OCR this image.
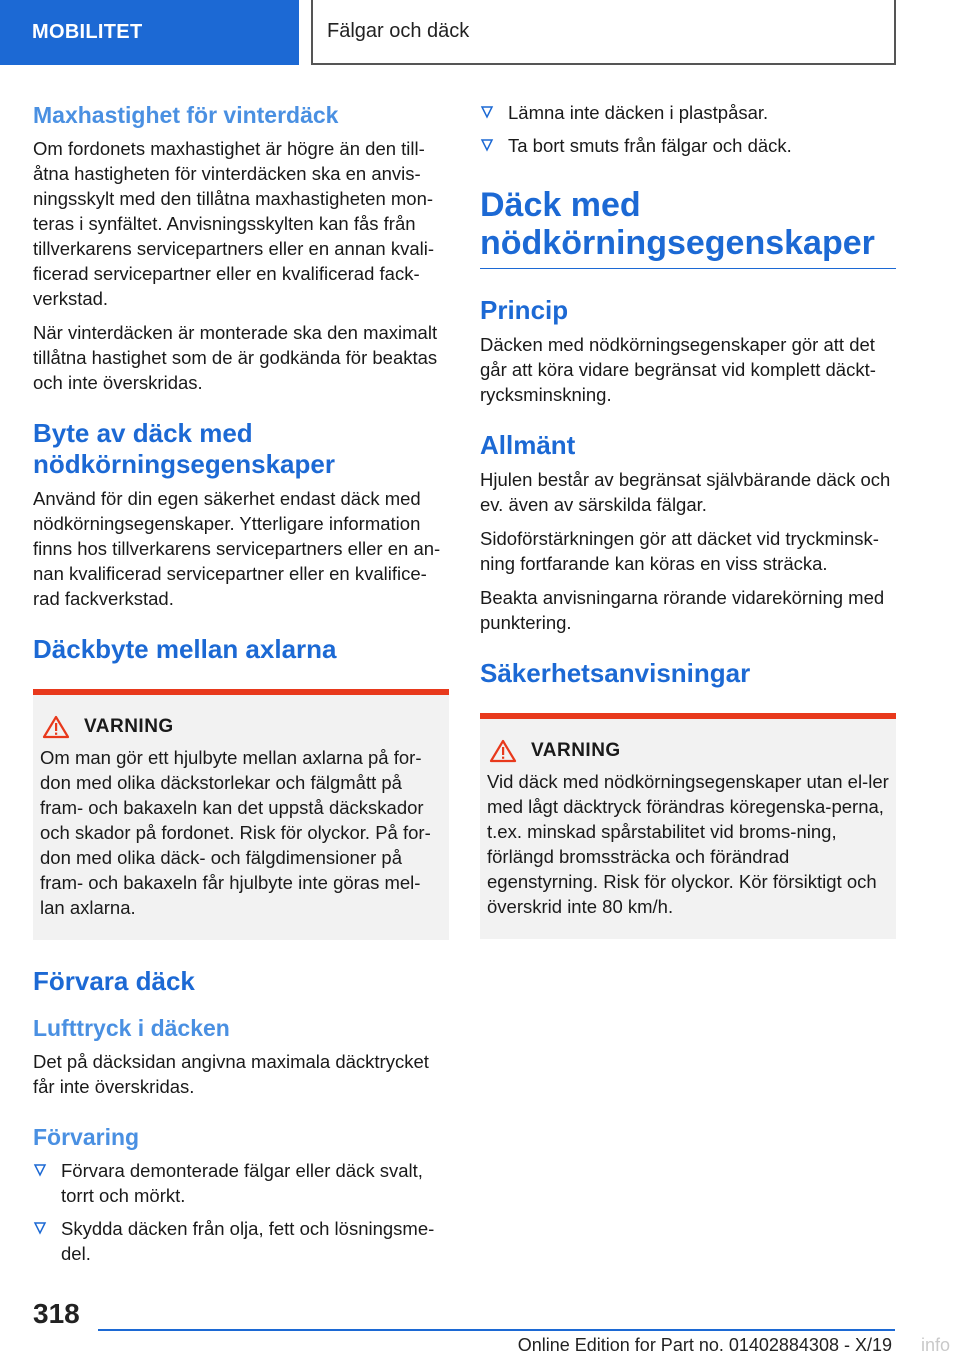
MOBILITET	Fälgar och däck
Maxhastighet för vinterdäck

Om fordonets maxhastighet är högre än den till-åtna hastigheten för vinterdäcken ska en anvis-ningsskylt med den tillåtna maxhastigheten mon-teras i synfältet. Anvisningsskylten kan fås från tillverkarens servicepartners eller en annan kvali-ficerad servicepartner eller en kvalificerad fack-verkstad.

När vinterdäcken är monterade ska den maximalt tillåtna hastighet som de är godkända för beaktas och inte överskridas.

Byte av däck med nödkörningsegenskaper

Använd för din egen säkerhet endast däck med nödkörningsegenskaper. Ytterligare information finns hos tillverkarens servicepartners eller en an-nan kvalificerad servicepartner eller en kvalifice-rad fackverkstad.

Däckbyte mellan axlarna
VARNING

Om man gör ett hjulbyte mellan axlarna på for-don med olika däckstorlekar och fälgmått på fram- och bakaxeln kan det uppstå däckskador och skador på fordonet. Risk för olyckor. På for-don med olika däck- och fälgdimensioner på fram- och bakaxeln får hjulbyte inte göras mel-lan axlarna.

Förvara däck
Lufttryck i däcken

Det på däcksidan angivna maximala däcktrycket får inte överskridas.

Förvaring
Förvara demonterade fälgar eller däck svalt, torrt och mörkt.
Skydda däcken från olja, fett och lösningsme-del.
Lämna inte däcken i plastpåsar.
Ta bort smuts från fälgar och däck.
Däck med nödkörningsegenskaper
Princip

Däcken med nödkörningsegenskaper gör att det går att köra vidare begränsat vid komplett däckt-rycksminskning.

Allmänt

Hjulen består av begränsat självbärande däck och ev. även av särskilda fälgar.

Sidoförstärkningen gör att däcket vid tryckminsk-ning fortfarande kan köras en viss sträcka.

Beakta anvisningarna rörande vidarekörning med punktering.

Säkerhetsanvisningar
VARNING

Vid däck med nödkörningsegenskaper utan el-ler med lågt däcktryck förändras köregenska-perna, t.ex. minskad spårstabilitet vid broms-ning, förlängd bromssträcka och förändrad egenstyrning. Risk för olyckor. Kör försiktigt och överskrid inte 80 km/h.

318
Online Edition for Part no. 01402884308 - X/19 info
